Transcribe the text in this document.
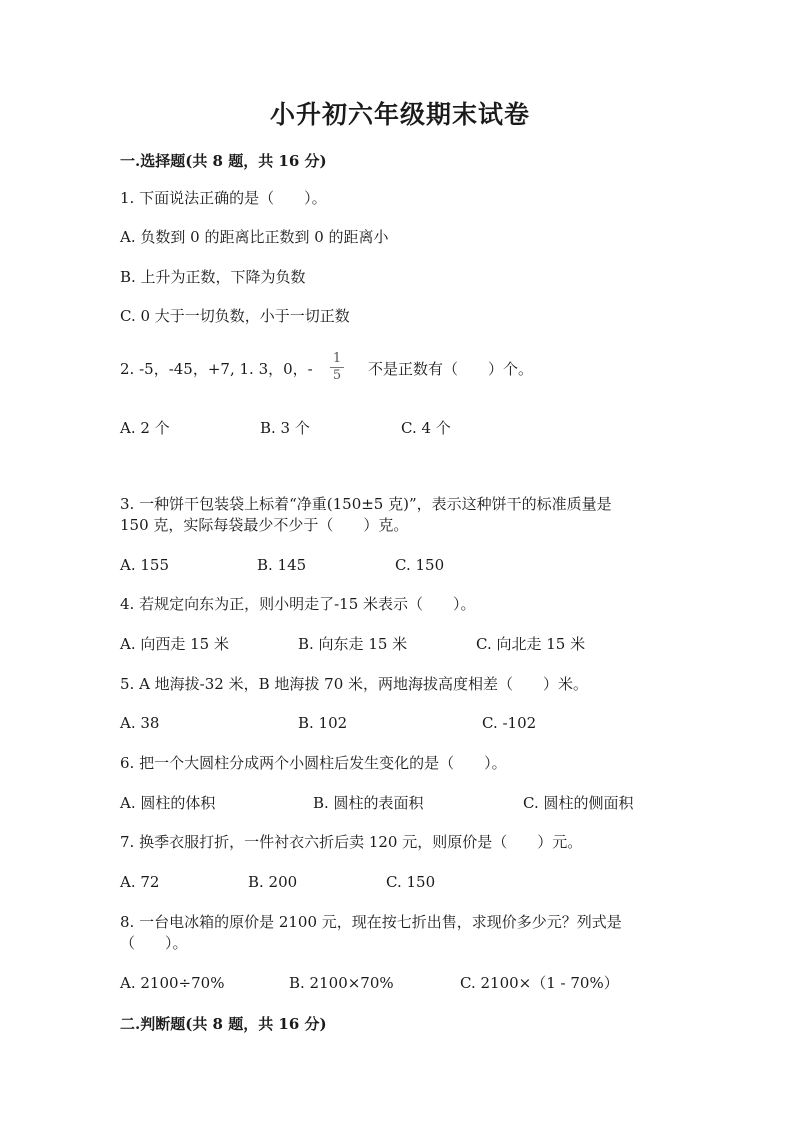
小升初六年级期末试卷
一.选择题(共 8 题，共 16 分)
1. 下面说法正确的是（　　）。
A. 负数到 0 的距离比正数到 0 的距离小
B. 上升为正数，下降为负数
C. 0 大于一切负数，小于一切正数
2. -5，-45，+7, 1. 3，0，-
1
5 不是正数有（　　）个。
A. 2 个	B. 3 个	C. 4 个
3. 一种饼干包装袋上标着“净重(150±5 克)”，表示这种饼干的标准质量是
150 克，实际每袋最少不少于（　　）克。
A. 155	B. 145	C. 150
4. 若规定向东为正，则小明走了-15 米表示（　　）。
A. 向西走 15 米	B. 向东走 15 米	C. 向北走 15 米
5. A 地海拔-32 米，B 地海拔 70 米，两地海拔高度相差（　　）米。
A. 38	B. 102	C. -102
6. 把一个大圆柱分成两个小圆柱后发生变化的是（　　）。
A. 圆柱的体积	B. 圆柱的表面积	C. 圆柱的侧面积
7. 换季衣服打折，一件衬衣六折后卖 120 元，则原价是（　　）元。
A. 72	B. 200	C. 150
8. 一台电冰箱的原价是 2100 元，现在按七折出售，求现价多少元？列式是
（　　）。
A. 2100÷70%	B. 2100×70%	C. 2100×（1 - 70%）
二.判断题(共 8 题，共 16 分)
